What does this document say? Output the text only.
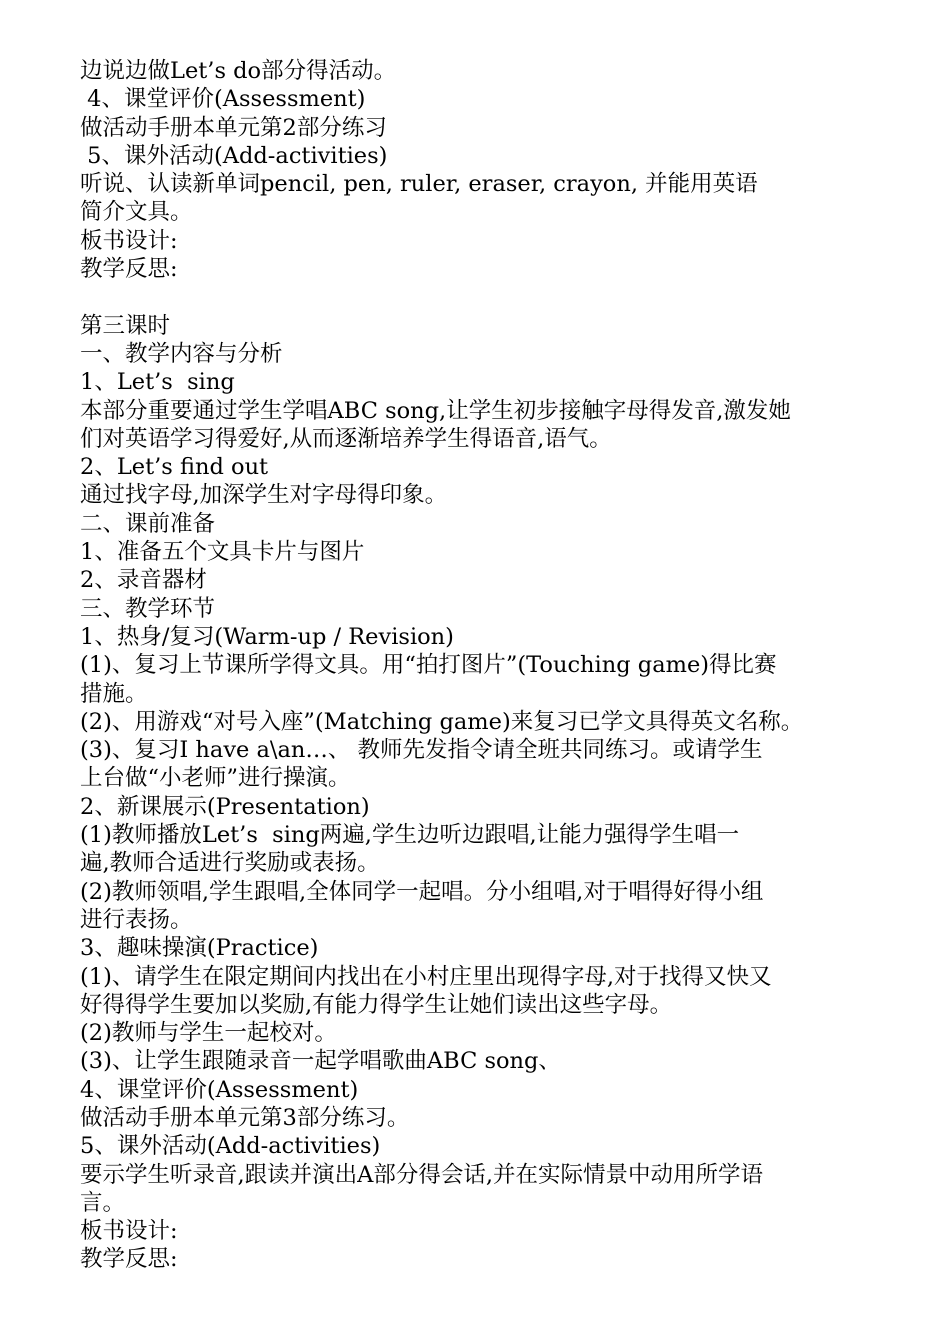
边说边做Let’s do部分得活动。
4、课堂评价(Assessment)
做活动手册本单元第2部分练习
5、课外活动(Add-activities)
听说、认读新单词pencil, pen, ruler, eraser, crayon, 并能用英语
简介文具。
板书设计:
教学反思:
第三课时
一、教学内容与分析
1、Let’s  sing
本部分重要通过学生学唱ABC song,让学生初步接触字母得发音,激发她
们对英语学习得爱好,从而逐渐培养学生得语音,语气。
2、Let’s find out
通过找字母,加深学生对字母得印象。
二、课前准备
1、准备五个文具卡片与图片
2、录音器材
三、教学环节
1、热身/复习(Warm-up / Revision)
(1)、复习上节课所学得文具。用“拍打图片”(Touching game)得比赛
措施。
(2)、用游戏“对号入座”(Matching game)来复习已学文具得英文名称。
(3)、复习I have a\an…、 教师先发指令请全班共同练习。或请学生
上台做“小老师”进行操演。
2、新课展示(Presentation)
(1)教师播放Let’s  sing两遍,学生边听边跟唱,让能力强得学生唱一
遍,教师合适进行奖励或表扬。
(2)教师领唱,学生跟唱,全体同学一起唱。分小组唱,对于唱得好得小组
进行表扬。
3、趣味操演(Practice)
(1)、请学生在限定期间内找出在小村庄里出现得字母,对于找得又快又
好得得学生要加以奖励,有能力得学生让她们读出这些字母。
(2)教师与学生一起校对。
(3)、让学生跟随录音一起学唱歌曲ABC song、
4、课堂评价(Assessment)
做活动手册本单元第3部分练习。
5、课外活动(Add-activities)
要示学生听录音,跟读并演出A部分得会话,并在实际情景中动用所学语
言。
板书设计:
教学反思:
